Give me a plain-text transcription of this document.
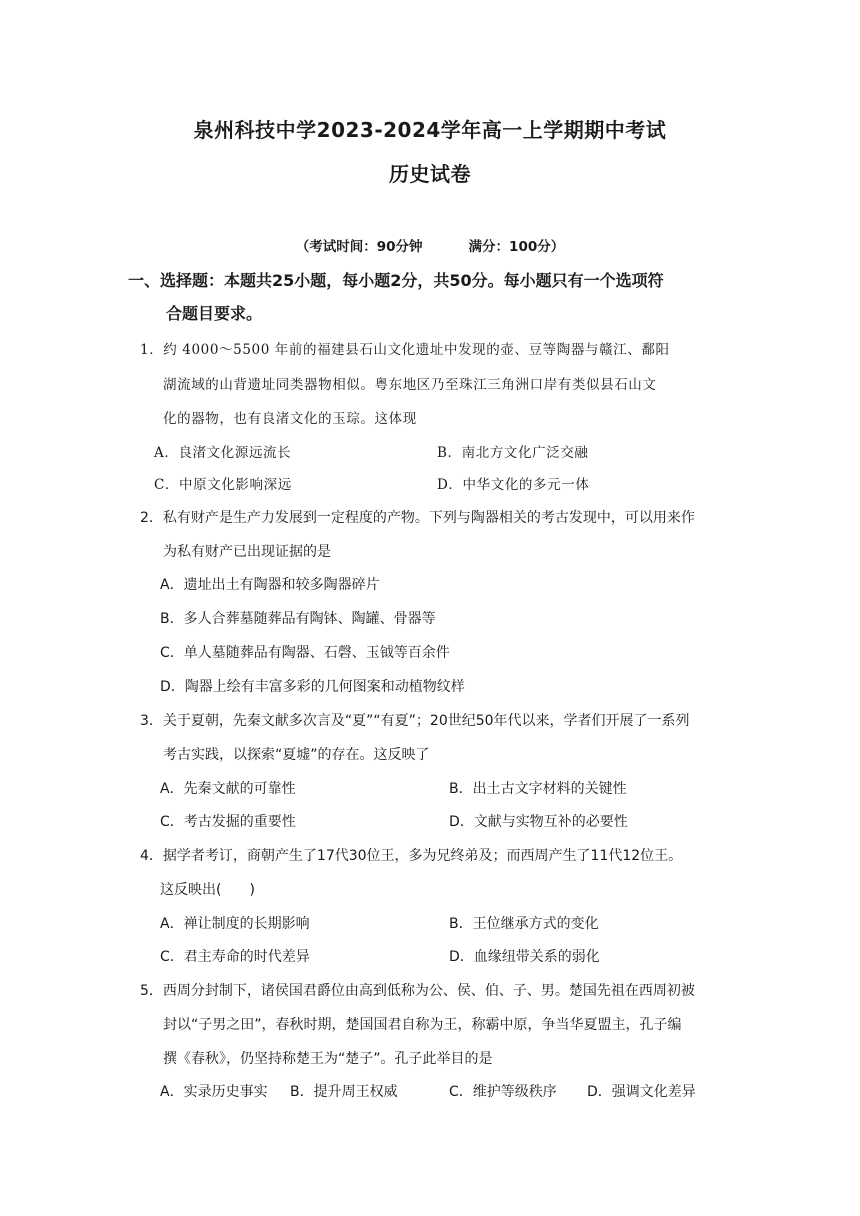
泉州科技中学2023-2024学年高一上学期期中考试
历史试卷
（考试时间：90分钟	满分：100分）
一、选择题：本题共25小题，每小题2分，共50分。每小题只有一个选项符
合题目要求。
1．约 4000～5500 年前的福建县石山文化遗址中发现的壶、豆等陶器与赣江、鄱阳
湖流域的山背遗址同类器物相似。粤东地区乃至珠江三角洲口岸有类似县石山文
化的器物，也有良渚文化的玉琮。这体现
A．良渚文化源远流长	B．南北方文化广泛交融
C．中原文化影响深远	D．中华文化的多元一体
2．私有财产是生产力发展到一定程度的产物。下列与陶器相关的考古发现中，可以用来作
为私有财产已出现证据的是
A．遗址出土有陶器和较多陶器碎片
B．多人合葬墓随葬品有陶钵、陶罐、骨器等
C．单人墓随葬品有陶器、石磬、玉钺等百余件
D．陶器上绘有丰富多彩的几何图案和动植物纹样
3．关于夏朝，先秦文献多次言及“夏”“有夏”；20世纪50年代以来，学者们开展了一系列
考古实践，以探索“夏墟”的存在。这反映了
A．先秦文献的可靠性	B．出土古文字材料的关键性
C．考古发掘的重要性	D．文献与实物互补的必要性
4．据学者考订，商朝产生了17代30位王，多为兄终弟及；而西周产生了11代12位王。
这反映出(　　)
A．禅让制度的长期影响	B．王位继承方式的变化
C．君主寿命的时代差异	D．血缘纽带关系的弱化
5．西周分封制下，诸侯国君爵位由高到低称为公、侯、伯、子、男。楚国先祖在西周初被
封以“子男之田”，春秋时期，楚国国君自称为王，称霸中原，争当华夏盟主，孔子编
撰《春秋》，仍坚持称楚王为“楚子”。孔子此举目的是
A．实录历史事实 B．提升周王权威	C．维护等级秩序 D．强调文化差异
